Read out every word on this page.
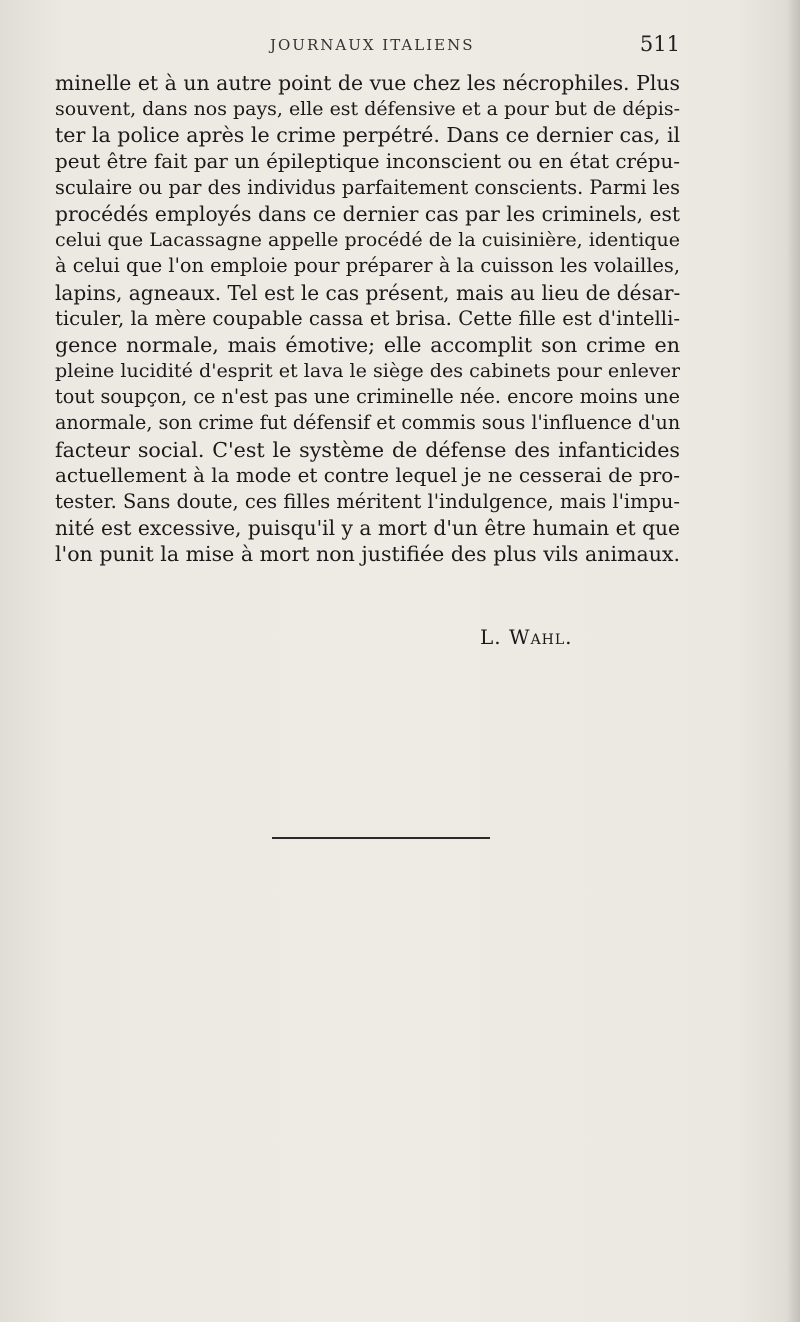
JOURNAUX ITALIENS	511
minelle et à un autre point de vue chez les nécrophiles. Plus
souvent, dans nos pays, elle est défensive et a pour but de dépis-
ter la police après le crime perpétré. Dans ce dernier cas, il
peut être fait par un épileptique inconscient ou en état crépu-
sculaire ou par des individus parfaitement conscients. Parmi les
procédés employés dans ce dernier cas par les criminels, est
celui que Lacassagne appelle procédé de la cuisinière, identique
à celui que l'on emploie pour préparer à la cuisson les volailles,
lapins, agneaux. Tel est le cas présent, mais au lieu de désar-
ticuler, la mère coupable cassa et brisa. Cette fille est d'intelli-
gence normale, mais émotive; elle accomplit son crime en
pleine lucidité d'esprit et lava le siège des cabinets pour enlever
tout soupçon, ce n'est pas une criminelle née. encore moins une
anormale, son crime fut défensif et commis sous l'influence d'un
facteur social. C'est le système de défense des infanticides
actuellement à la mode et contre lequel je ne cesserai de pro-
tester. Sans doute, ces filles méritent l'indulgence, mais l'impu-
nité est excessive, puisqu'il y a mort d'un être humain et que
l'on punit la mise à mort non justifiée des plus vils animaux.
L. Wahl.
